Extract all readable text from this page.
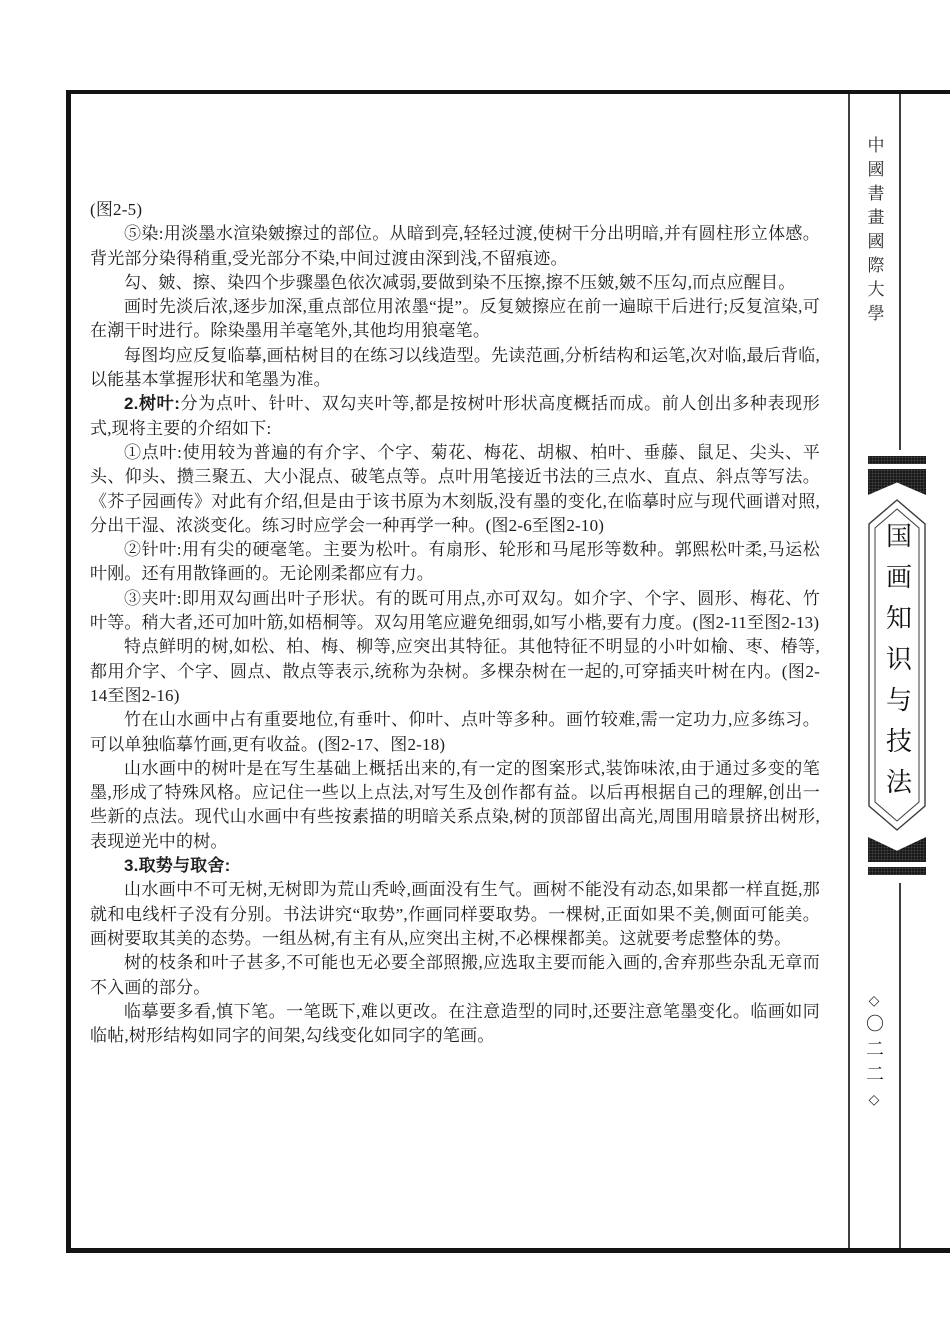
(图2-5)

⑤染:用淡墨水渲染皴擦过的部位。从暗到亮,轻轻过渡,使树干分出明暗,并有圆柱形立体感。背光部分染得稍重,受光部分不染,中间过渡由深到浅,不留痕迹。

勾、皴、擦、染四个步骤墨色依次减弱,要做到染不压擦,擦不压皴,皴不压勾,而点应醒目。

画时先淡后浓,逐步加深,重点部位用浓墨“提”。反复皴擦应在前一遍晾干后进行;反复渲染,可在潮干时进行。除染墨用羊毫笔外,其他均用狼毫笔。

每图均应反复临摹,画枯树目的在练习以线造型。先读范画,分析结构和运笔,次对临,最后背临,以能基本掌握形状和笔墨为准。

2.树叶:分为点叶、针叶、双勾夹叶等,都是按树叶形状高度概括而成。前人创出多种表现形式,现将主要的介绍如下:

①点叶:使用较为普遍的有介字、个字、菊花、梅花、胡椒、柏叶、垂藤、鼠足、尖头、平头、仰头、攒三聚五、大小混点、破笔点等。点叶用笔接近书法的三点水、直点、斜点等写法。《芥子园画传》对此有介绍,但是由于该书原为木刻版,没有墨的变化,在临摹时应与现代画谱对照,分出干湿、浓淡变化。练习时应学会一种再学一种。(图2-6至图2-10)

②针叶:用有尖的硬毫笔。主要为松叶。有扇形、轮形和马尾形等数种。郭熙松叶柔,马运松叶刚。还有用散锋画的。无论刚柔都应有力。

③夹叶:即用双勾画出叶子形状。有的既可用点,亦可双勾。如介字、个字、圆形、梅花、竹叶等。稍大者,还可加叶筋,如梧桐等。双勾用笔应避免细弱,如写小楷,要有力度。(图2-11至图2-13)

特点鲜明的树,如松、柏、梅、柳等,应突出其特征。其他特征不明显的小叶如榆、枣、椿等,都用介字、个字、圆点、散点等表示,统称为杂树。多棵杂树在一起的,可穿插夹叶树在内。(图2-14至图2-16)

竹在山水画中占有重要地位,有垂叶、仰叶、点叶等多种。画竹较难,需一定功力,应多练习。可以单独临摹竹画,更有收益。(图2-17、图2-18)

山水画中的树叶是在写生基础上概括出来的,有一定的图案形式,装饰味浓,由于通过多变的笔墨,形成了特殊风格。应记住一些以上点法,对写生及创作都有益。以后再根据自己的理解,创出一些新的点法。现代山水画中有些按素描的明暗关系点染,树的顶部留出高光,周围用暗景挤出树形,表现逆光中的树。

3.取势与取舍:

山水画中不可无树,无树即为荒山秃岭,画面没有生气。画树不能没有动态,如果都一样直挺,那就和电线杆子没有分别。书法讲究“取势”,作画同样要取势。一棵树,正面如果不美,侧面可能美。画树要取其美的态势。一组丛树,有主有从,应突出主树,不必棵棵都美。这就要考虑整体的势。

树的枝条和叶子甚多,不可能也无必要全部照搬,应选取主要而能入画的,舍弃那些杂乱无章而不入画的部分。

临摹要多看,慎下笔。一笔既下,难以更改。在注意造型的同时,还要注意笔墨变化。临画如同临帖,树形结构如同字的间架,勾线变化如同字的笔画。

中國書畫國際大學
国画知识与技法
◇
〇二二
◇
